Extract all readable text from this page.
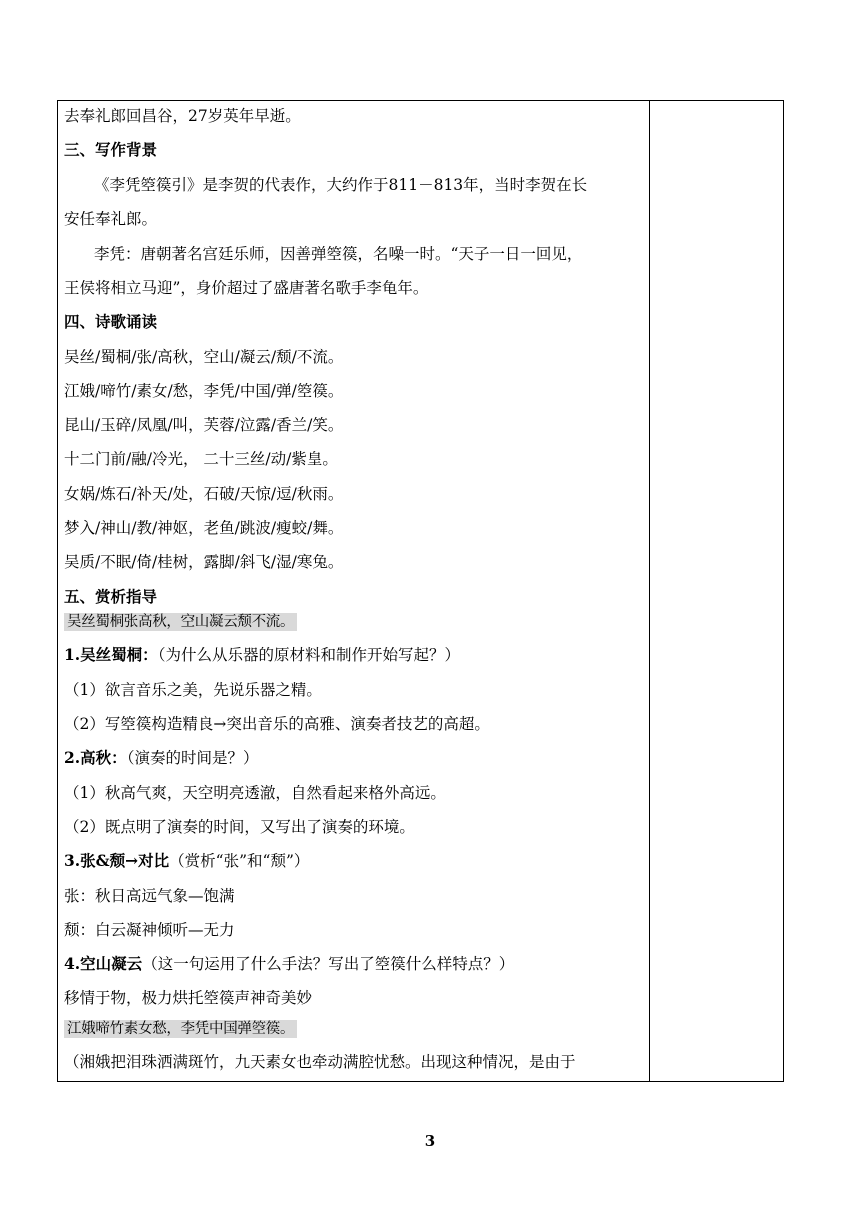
去奉礼郎回昌谷，27岁英年早逝。
三、写作背景
《李凭箜篌引》是李贺的代表作，大约作于811－813年，当时李贺在长
安任奉礼郎。
李凭：唐朝著名宫廷乐师，因善弹箜篌，名噪一时。“天子一日一回见，
王侯将相立马迎”，身价超过了盛唐著名歌手李龟年。
四、诗歌诵读
吴丝/蜀桐/张/高秋，空山/凝云/颓/不流。
江娥/啼竹/素女/愁，李凭/中国/弹/箜篌。
昆山/玉碎/凤凰/叫，芙蓉/泣露/香兰/笑。
十二门前/融/冷光， 二十三丝/动/紫皇。
女娲/炼石/补天/处，石破/天惊/逗/秋雨。
梦入/神山/教/神妪，老鱼/跳波/瘦蛟/舞。
吴质/不眠/倚/桂树，露脚/斜飞/湿/寒兔。
五、赏析指导
吴丝蜀桐张高秋，空山凝云颓不流。
1.吴丝蜀桐：（为什么从乐器的原材料和制作开始写起？）
（1）欲言音乐之美，先说乐器之精。
（2）写箜篌构造精良→突出音乐的高雅、演奏者技艺的高超。
2.高秋：（演奏的时间是？）
（1）秋高气爽，天空明亮透澈，自然看起来格外高远。
（2）既点明了演奏的时间，又写出了演奏的环境。
3.张&颓→对比（赏析“张”和“颓”）
张：秋日高远气象—饱满
颓：白云凝神倾听—无力
4.空山凝云（这一句运用了什么手法？写出了箜篌什么样特点？）
移情于物，极力烘托箜篌声神奇美妙
江娥啼竹素女愁，李凭中国弹箜篌。
（湘娥把泪珠洒满斑竹，九天素女也牵动满腔忧愁。出现这种情况，是由于
3
